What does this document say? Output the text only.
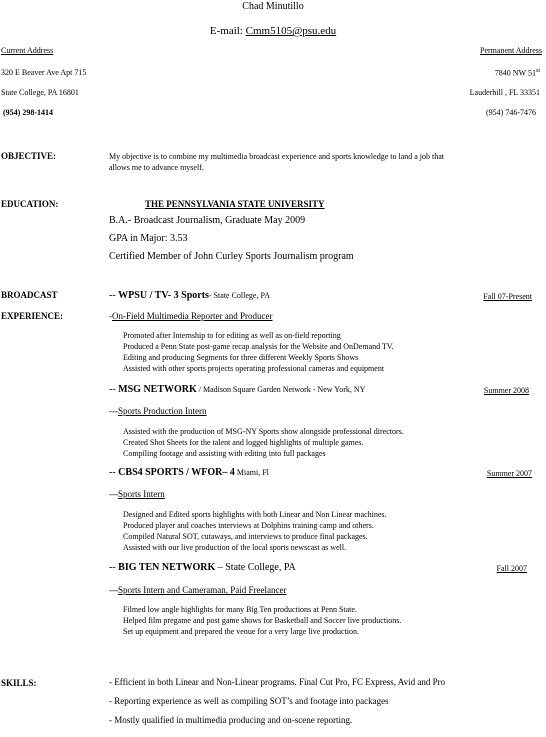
Chad Minutillo
E-mail: Cmm5105@psu.edu
Current Address
320 E Beaver Ave Apt 715
State College, PA 16801
(954) 298-1414
Permanent Address
7840 NW 51st
Lauderhill , FL 33351
(954) 746-7476
OBJECTIVE:	My objective is to combine my multimedia broadcast experience and sports knowledge to land a job that
allows me to advance myself.
EDUCATION:	THE PENNSYLVANIA STATE UNIVERSITY
B.A.- Broadcast Journalism, Graduate May 2009
GPA in Major: 3.53
Certified Member of John Curley Sports Journalism program
BROADCAST
EXPERIENCE:
-- WPSU / TV- 3 Sports- State College, PA	Fall 07-Present
-On-Field Multimedia Reporter and Producer
Promoted after Internship to for editing as well as on-field reporting
Produced a Penn State post-game recap analysis for the Website and OnDemand TV.
Editing and producing Segments for three different Weekly Sports Shows
Assisted with other sports projects operating professional cameras and equipment
-- MSG NETWORK / Madison Square Garden Network - New York, NY	Summer 2008
---Sports Production Intern
Assisted with the production of MSG-NY Sports show alongside professional directors.
Created Shot Sheets for the talent and logged highlights of multiple games.
Compiling footage and assisting with editing into full packages
-- CBS4 SPORTS / WFOR– 4 Miami, Fl	Summer 2007
---Sports Intern
Designed and Edited sports highlights with both Linear and Non Linear machines.
Produced player and coaches interviews at Dolphins training camp and others.
Compiled Natural SOT, cutaways, and interviews to produce final packages.
Assisted with our live production of the local sports newscast as well.
-- BIG TEN NETWORK – State College, PA	Fall 2007
---Sports Intern and Cameraman, Paid Freelancer
Filmed low angle highlights for many Big Ten productions at Penn State.
Helped film pregame and post game shows for Basketball and Soccer live productions.
Set up equipment and prepared the venue for a very large live production.
SKILLS:	- Efficient in both Linear and Non-Linear programs. Final Cut Pro, FC Express, Avid and Pro
- Reporting experience as well as compiling SOT’s and footage into packages
- Mostly qualified in multimedia producing and on-scene reporting.
